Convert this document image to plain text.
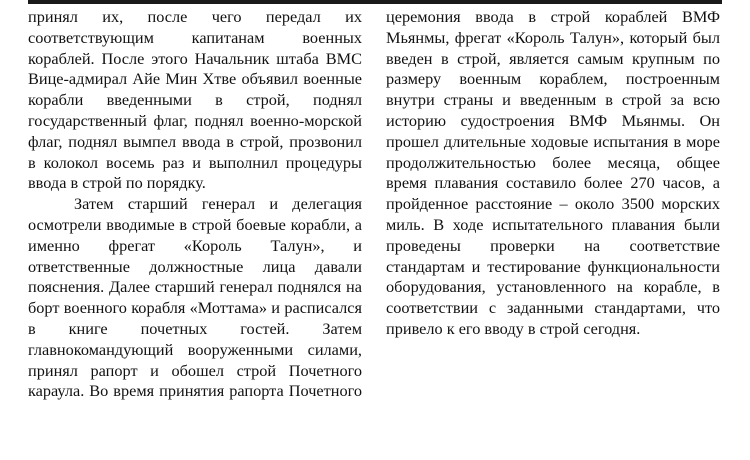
принял их, после чего передал их соответствующим капитанам военных кораблей. После этого Начальник штаба ВМС Вице-адмирал Айе Мин Хтве объявил военные корабли введенными в строй, поднял государственный флаг, поднял военно-морской флаг, поднял вымпел ввода в строй, прозвонил в колокол восемь раз и выполнил процедуры ввода в строй по порядку.

Затем старший генерал и делегация осмотрели вводимые в строй боевые корабли, а именно фрегат «Король Талун», и ответственные должностные лица давали пояснения. Далее старший генерал поднялся на борт военного корабля «Моттама» и расписался в книге почетных гостей. Затем главнокомандующий вооруженными силами, принял рапорт и обошел строй Почетного караула. Во время принятия рапорта Почетного

церемония ввода в строй кораблей ВМФ Мьянмы, фрегат «Король Талун», который был введен в строй, является самым крупным по размеру военным кораблем, построенным внутри страны и введенным в строй за всю историю судостроения ВМФ Мьянмы. Он прошел длительные ходовые испытания в море продолжительностью более месяца, общее время плавания составило более 270 часов, а пройденное расстояние – около 3500 морских миль. В ходе испытательного плавания были проведены проверки на соответствие стандартам и тестирование функциональности оборудования, установленного на корабле, в соответствии с заданными стандартами, что привело к его вводу в строй сегодня.
